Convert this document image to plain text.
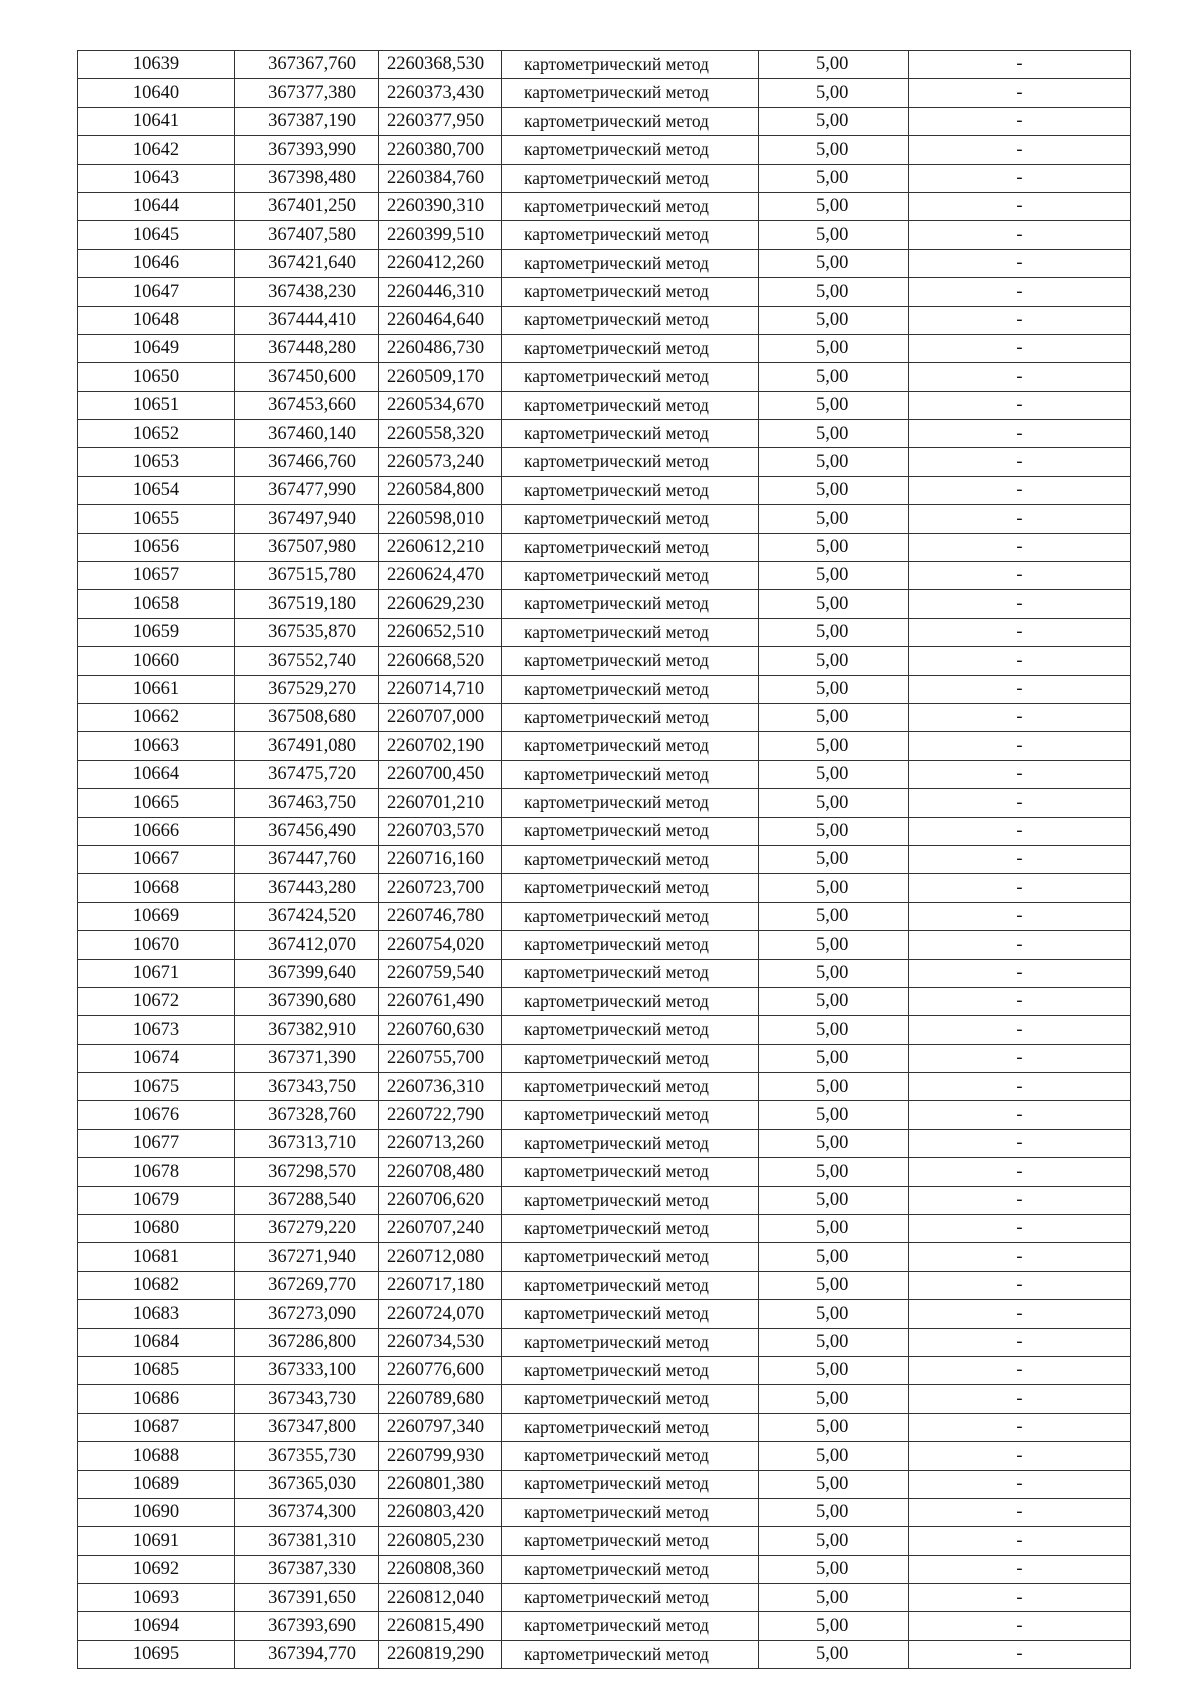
10639	367367,760	2260368,530	картометрический метод	5,00	-
10640	367377,380	2260373,430	картометрический метод	5,00	-
10641	367387,190	2260377,950	картометрический метод	5,00	-
10642	367393,990	2260380,700	картометрический метод	5,00	-
10643	367398,480	2260384,760	картометрический метод	5,00	-
10644	367401,250	2260390,310	картометрический метод	5,00	-
10645	367407,580	2260399,510	картометрический метод	5,00	-
10646	367421,640	2260412,260	картометрический метод	5,00	-
10647	367438,230	2260446,310	картометрический метод	5,00	-
10648	367444,410	2260464,640	картометрический метод	5,00	-
10649	367448,280	2260486,730	картометрический метод	5,00	-
10650	367450,600	2260509,170	картометрический метод	5,00	-
10651	367453,660	2260534,670	картометрический метод	5,00	-
10652	367460,140	2260558,320	картометрический метод	5,00	-
10653	367466,760	2260573,240	картометрический метод	5,00	-
10654	367477,990	2260584,800	картометрический метод	5,00	-
10655	367497,940	2260598,010	картометрический метод	5,00	-
10656	367507,980	2260612,210	картометрический метод	5,00	-
10657	367515,780	2260624,470	картометрический метод	5,00	-
10658	367519,180	2260629,230	картометрический метод	5,00	-
10659	367535,870	2260652,510	картометрический метод	5,00	-
10660	367552,740	2260668,520	картометрический метод	5,00	-
10661	367529,270	2260714,710	картометрический метод	5,00	-
10662	367508,680	2260707,000	картометрический метод	5,00	-
10663	367491,080	2260702,190	картометрический метод	5,00	-
10664	367475,720	2260700,450	картометрический метод	5,00	-
10665	367463,750	2260701,210	картометрический метод	5,00	-
10666	367456,490	2260703,570	картометрический метод	5,00	-
10667	367447,760	2260716,160	картометрический метод	5,00	-
10668	367443,280	2260723,700	картометрический метод	5,00	-
10669	367424,520	2260746,780	картометрический метод	5,00	-
10670	367412,070	2260754,020	картометрический метод	5,00	-
10671	367399,640	2260759,540	картометрический метод	5,00	-
10672	367390,680	2260761,490	картометрический метод	5,00	-
10673	367382,910	2260760,630	картометрический метод	5,00	-
10674	367371,390	2260755,700	картометрический метод	5,00	-
10675	367343,750	2260736,310	картометрический метод	5,00	-
10676	367328,760	2260722,790	картометрический метод	5,00	-
10677	367313,710	2260713,260	картометрический метод	5,00	-
10678	367298,570	2260708,480	картометрический метод	5,00	-
10679	367288,540	2260706,620	картометрический метод	5,00	-
10680	367279,220	2260707,240	картометрический метод	5,00	-
10681	367271,940	2260712,080	картометрический метод	5,00	-
10682	367269,770	2260717,180	картометрический метод	5,00	-
10683	367273,090	2260724,070	картометрический метод	5,00	-
10684	367286,800	2260734,530	картометрический метод	5,00	-
10685	367333,100	2260776,600	картометрический метод	5,00	-
10686	367343,730	2260789,680	картометрический метод	5,00	-
10687	367347,800	2260797,340	картометрический метод	5,00	-
10688	367355,730	2260799,930	картометрический метод	5,00	-
10689	367365,030	2260801,380	картометрический метод	5,00	-
10690	367374,300	2260803,420	картометрический метод	5,00	-
10691	367381,310	2260805,230	картометрический метод	5,00	-
10692	367387,330	2260808,360	картометрический метод	5,00	-
10693	367391,650	2260812,040	картометрический метод	5,00	-
10694	367393,690	2260815,490	картометрический метод	5,00	-
10695	367394,770	2260819,290	картометрический метод	5,00	-
